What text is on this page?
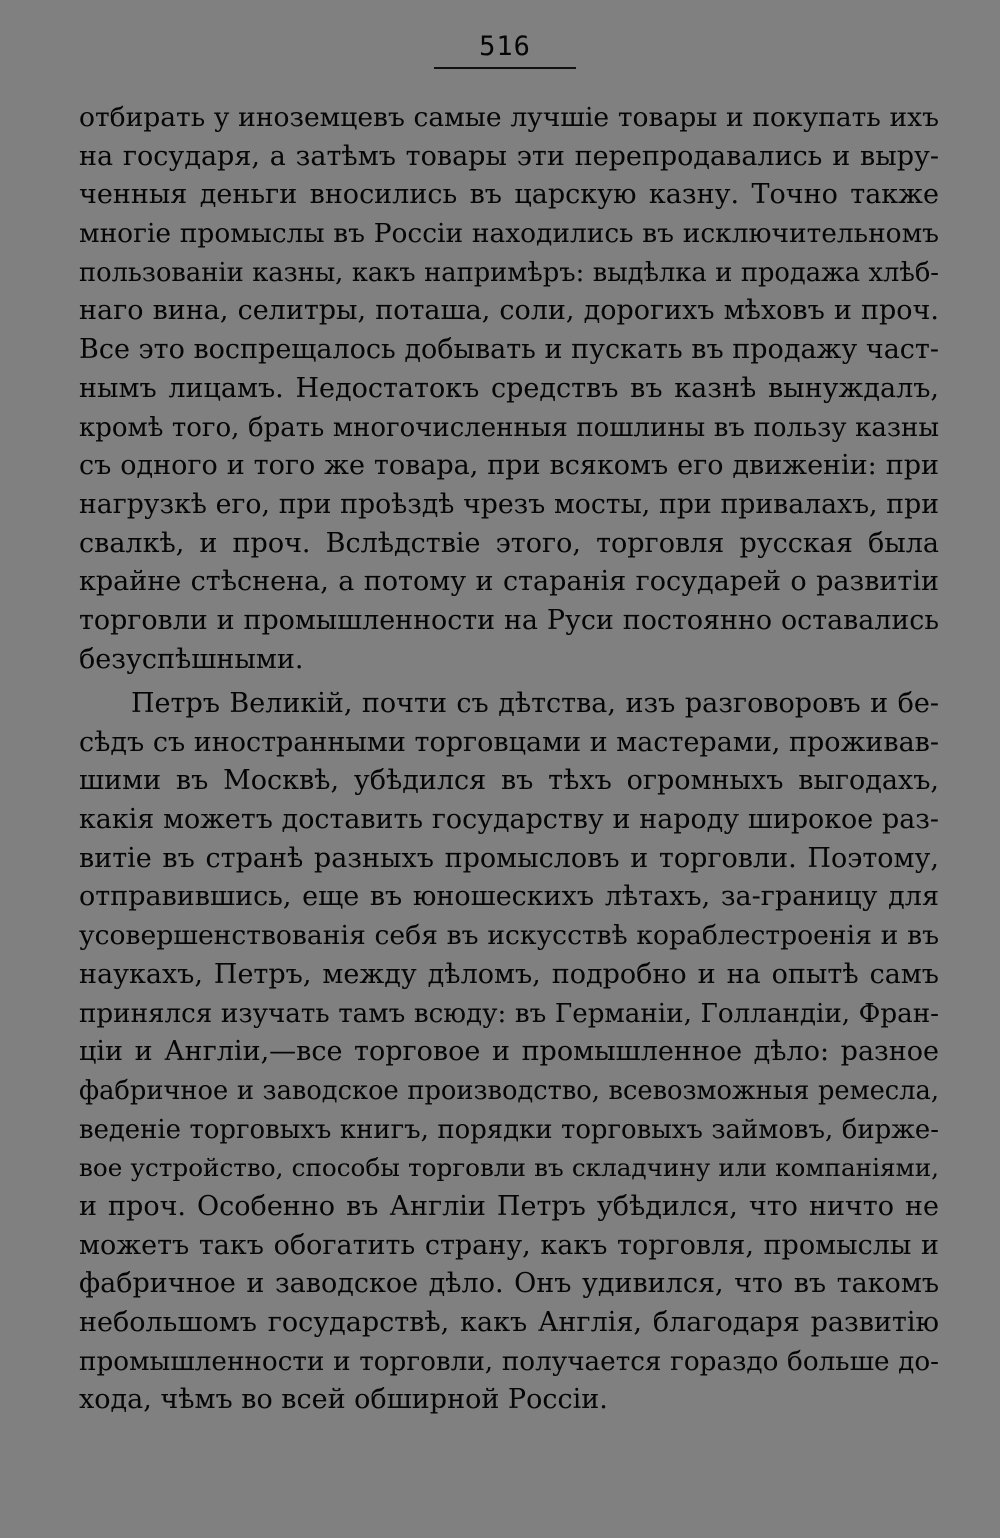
516
отбирать у иноземцевъ самые лучшіе товары и покупать ихъ
на государя, а затѣмъ товары эти перепродавались и выру-
ченныя деньги вносились въ царскую казну. Точно также
многіе промыслы въ Россіи находились въ исключительномъ
пользованіи казны, какъ напримѣръ: выдѣлка и продажа хлѣб-
наго вина, селитры, поташа, соли, дорогихъ мѣховъ и проч.
Все это воспрещалось добывать и пускать въ продажу част-
нымъ лицамъ. Недостатокъ средствъ въ казнѣ вынуждалъ,
кромѣ того, брать многочисленныя пошлины въ пользу казны
съ одного и того же товара, при всякомъ его движеніи: при
нагрузкѣ его, при проѣздѣ чрезъ мосты, при привалахъ, при
свалкѣ, и проч. Вслѣдствіе этого, торговля русская была
крайне стѣснена, а потому и старанія государей о развитіи
торговли и промышленности на Руси постоянно оставались
безуспѣшными.
Петръ Великій, почти съ дѣтства, изъ разговоровъ и бе-
сѣдъ съ иностранными торговцами и мастерами, проживав-
шими въ Москвѣ, убѣдился въ тѣхъ огромныхъ выгодахъ,
какія можетъ доставить государству и народу широкое раз-
витіе въ странѣ разныхъ промысловъ и торговли. Поэтому,
отправившись, еще въ юношескихъ лѣтахъ, за-границу для
усовершенствованія себя въ искусствѣ кораблестроенія и въ
наукахъ, Петръ, между дѣломъ, подробно и на опытѣ самъ
принялся изучать тамъ всюду: въ Германіи, Голландіи, Фран-
ціи и Англіи,—все торговое и промышленное дѣло: разное
фабричное и заводское производство, всевозможныя ремесла,
веденіе торговыхъ книгъ, порядки торговыхъ займовъ, бирже-
вое устройство, способы торговли въ складчину или компаніями,
и проч. Особенно въ Англіи Петръ убѣдился, что ничто не
можетъ такъ обогатить страну, какъ торговля, промыслы и
фабричное и заводское дѣло. Онъ удивился, что въ такомъ
небольшомъ государствѣ, какъ Англія, благодаря развитію
промышленности и торговли, получается гораздо больше до-
хода, чѣмъ во всей обширной Россіи.
